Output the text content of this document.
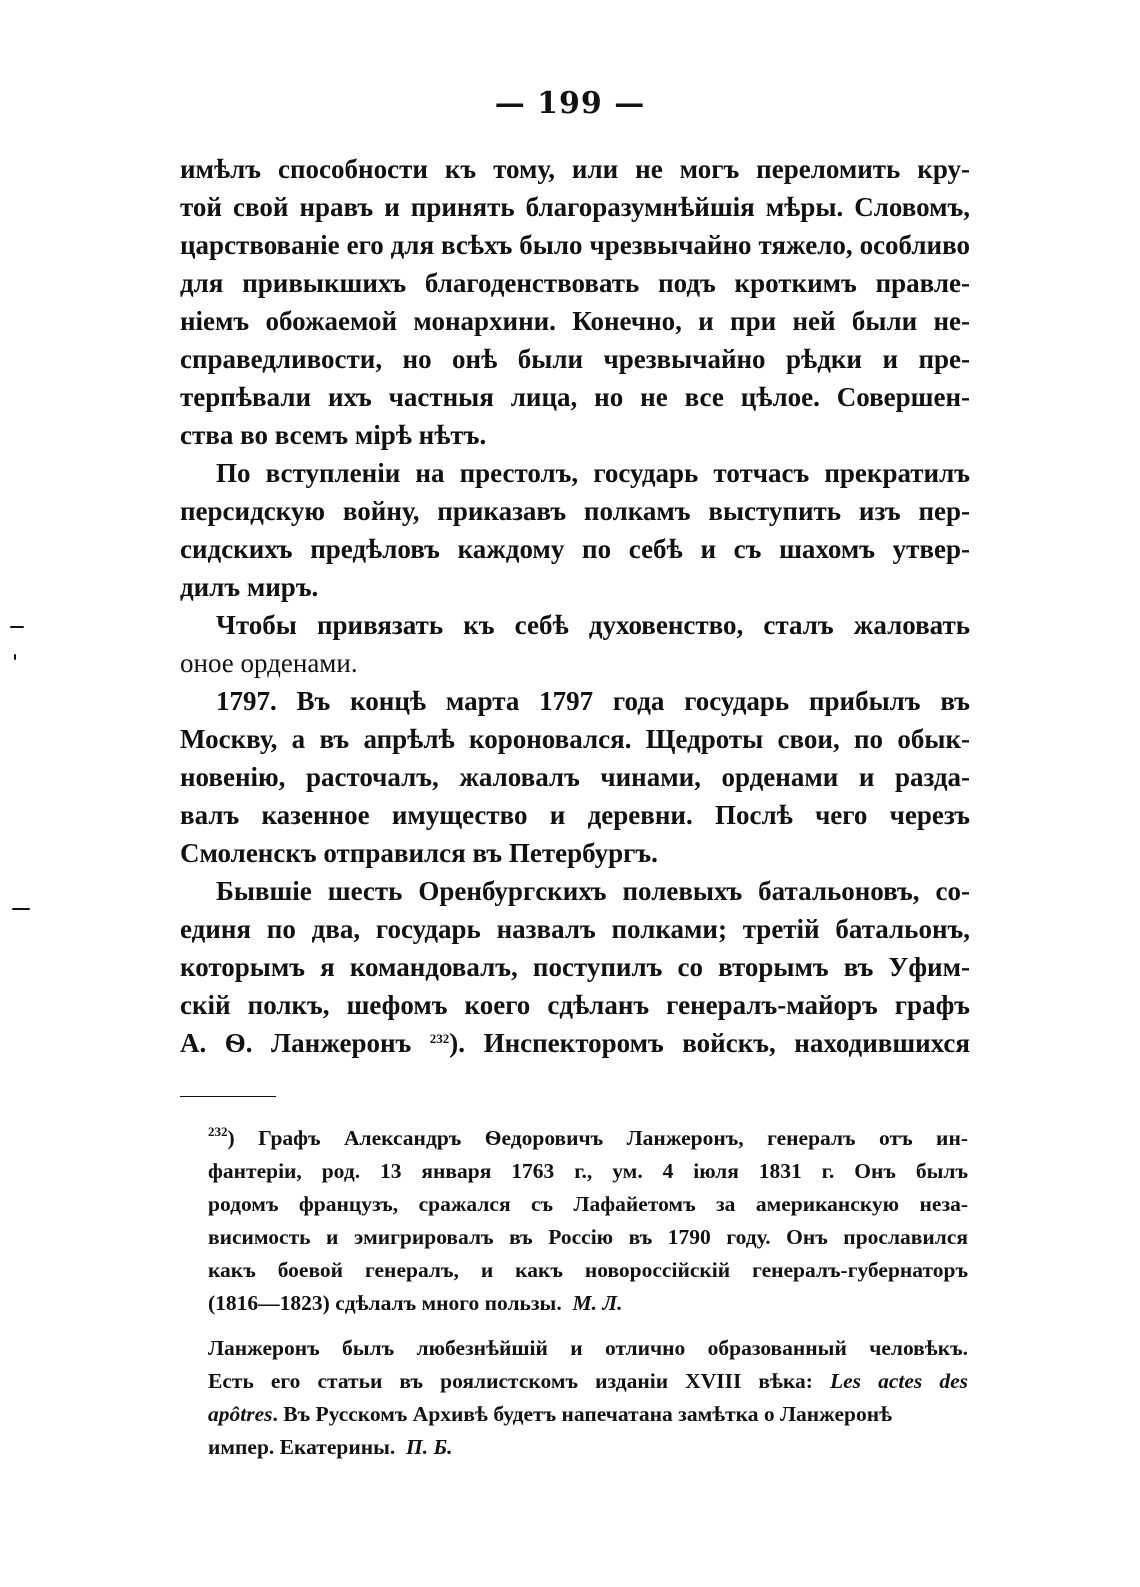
— 199 —
имѣлъ способности къ тому, или не могъ переломить кру-
той свой нравъ и принять благоразумнѣйшія мѣры. Словомъ,
царствованіе его для всѣхъ было чрезвычайно тяжело, особливо
для привыкшихъ благоденствовать подъ кроткимъ правле-
ніемъ обожаемой монархини. Конечно, и при ней были не-
справедливости, но онѣ были чрезвычайно рѣдки и пре-
терпѣвали ихъ частныя лица, но не все цѣлое. Совершен-
ства во всемъ мірѣ нѣтъ.
По вступленіи на престолъ, государь тотчасъ прекратилъ
персидскую войну, приказавъ полкамъ выступить изъ пер-
сидскихъ предѣловъ каждому по себѣ и съ шахомъ утвер-
дилъ миръ.
Чтобы привязать къ себѣ духовенство, сталъ жаловать
оное орденами.
1797. Въ концѣ марта 1797 года государь прибылъ въ
Москву, а въ апрѣлѣ короновался. Щедроты свои, по обык-
новенію, расточалъ, жаловалъ чинами, орденами и разда-
валъ казенное имущество и деревни. Послѣ чего черезъ
Смоленскъ отправился въ Петербургъ.
Бывшіе шесть Оренбургскихъ полевыхъ батальоновъ, со-
единя по два, государь назвалъ полками; третій батальонъ,
которымъ я командовалъ, поступилъ со вторымъ въ Уфим-
скій полкъ, шефомъ коего сдѣланъ генералъ-майоръ графъ
А. Ѳ. Ланжеронъ $^{232}$). Инспекторомъ войскъ, находившихся
$^{232}$) Графъ Александръ Ѳедоровичъ Ланжеронъ, генералъ отъ ин-
фантеріи, род. 13 января 1763 г., ум. 4 іюля 1831 г. Онъ былъ
родомъ французъ, сражался съ Лафайетомъ за американскую неза-
висимость и эмигрировалъ въ Россію въ 1790 году. Онъ прославился
какъ боевой генералъ, и какъ новороссійскій генералъ-губернаторъ
(1816—1823) сдѣлалъ много пользы. М. Л.
Ланжеронъ былъ любезнѣйшій и отлично образованный человѣкъ.
Есть его статьи въ роялистскомъ изданіи XVIII вѣка: Les actes des
apôtres. Въ Русскомъ Архивѣ будетъ напечатана замѣтка о Ланжеронѣ
импер. Екатерины. П. Б.
